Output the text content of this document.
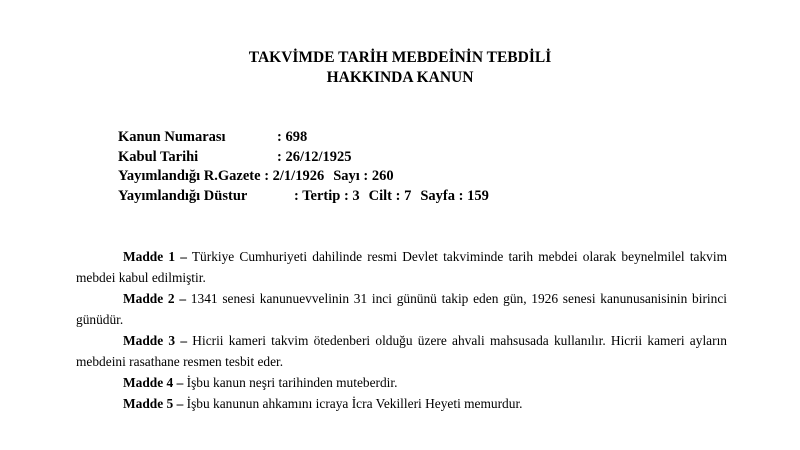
TAKVİMDE TARİH MEBDEİNİN TEBDİLİ
HAKKINDA KANUN
Kanun Numarası	: 698
Kabul Tarihi	: 26/12/1925
Yayımlandığı R.Gazete : 2/1/1926 Sayı : 260
Yayımlandığı Düstur	: Tertip : 3 Cilt : 7 Sayfa : 159

Madde 1 – Türkiye Cumhuriyeti dahilinde resmi Devlet takviminde tarih mebdei olarak beynelmilel takvim mebdei kabul edilmiştir.

Madde 2 – 1341 senesi kanunuevvelinin 31 inci gününü takip eden gün, 1926 senesi kanunusanisinin birinci günüdür.

Madde 3 – Hicrii kameri takvim ötedenberi olduğu üzere ahvali mahsusada kullanılır. Hicrii kameri ayların mebdeini rasathane resmen tesbit eder.

Madde 4 – İşbu kanun neşri tarihinden muteberdir.

Madde 5 – İşbu kanunun ahkamını icraya İcra Vekilleri Heyeti memurdur.
